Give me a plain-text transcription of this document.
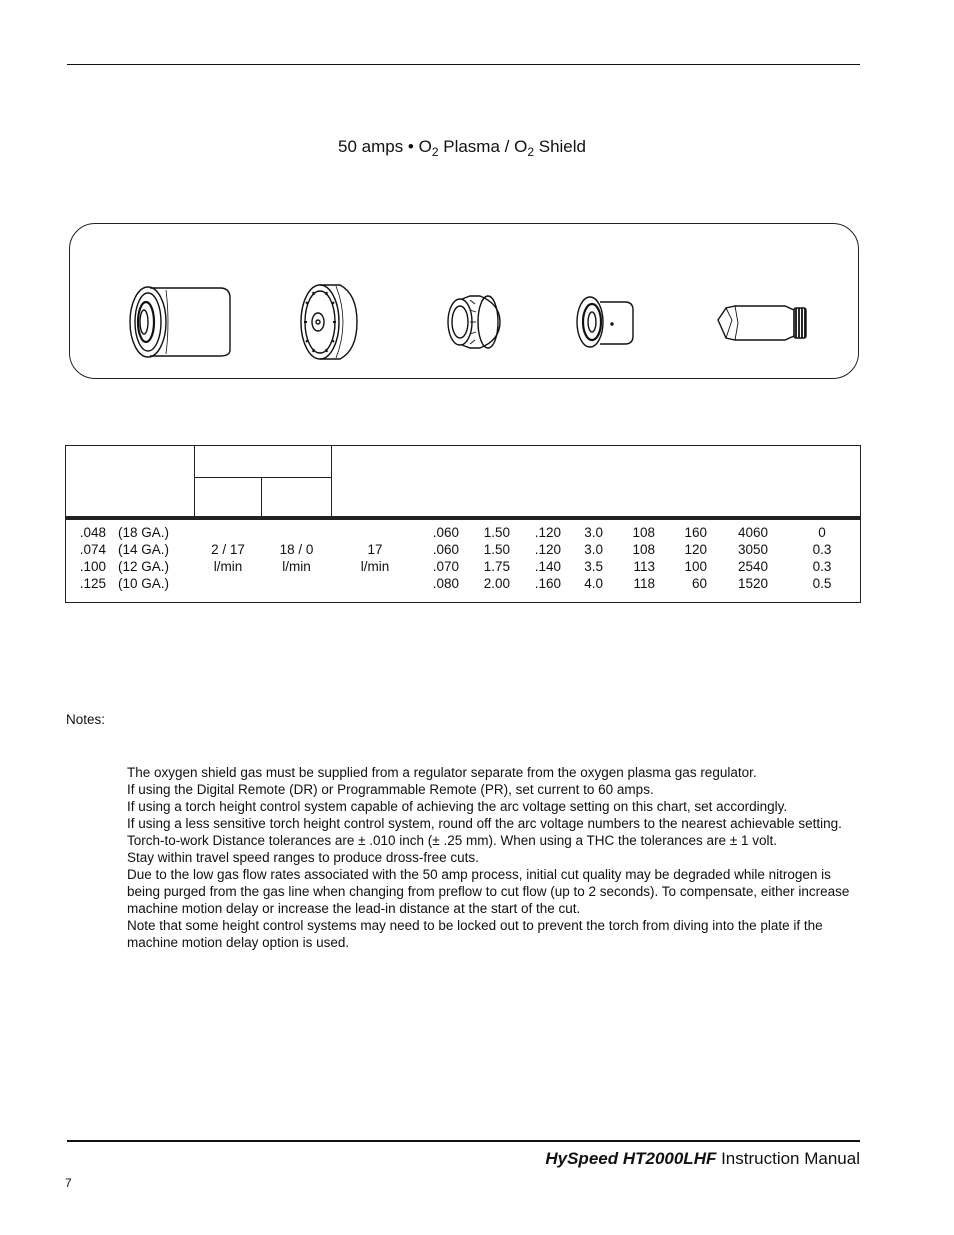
50 amps • $O_2$ Plasma / $O_2$ Shield
.048
.074
.100
.125
(18 GA.)
(14 GA.)
(12 GA.)
(10 GA.)
2 / 17
l/min
18 / 0
l/min
17
l/min
.060
.060
.070
.080
1.50
1.50
1.75
2.00
.120
.120
.140
.160
3.0
3.0
3.5
4.0
108
108
113
118
160
120
100
60
4060
3050
2540
1520
0
0.3
0.3
0.5
Notes:
The oxygen shield gas must be supplied from a regulator separate from the oxygen plasma gas regulator.
If using the Digital Remote (DR) or Programmable Remote (PR), set current to 60 amps.
If using a torch height control system capable of achieving the arc voltage setting on this chart, set accordingly.
If using a less sensitive torch height control system, round off the arc voltage numbers to the nearest achievable setting.
Torch-to-work Distance tolerances are ± .010 inch (± .25 mm). When using a THC the tolerances are ± 1 volt.
Stay within travel speed ranges to produce dross-free cuts.
Due to the low gas flow rates associated with the 50 amp process, initial cut quality may be degraded while nitrogen is being purged from the gas line when changing from preflow to cut flow (up to 2 seconds). To compensate, either increase machine motion delay or increase the lead-in distance at the start of the cut.
Note that some height control systems may need to be locked out to prevent the torch from diving into the plate if the machine motion delay option is used.
HySpeed HT2000LHF Instruction Manual
7
